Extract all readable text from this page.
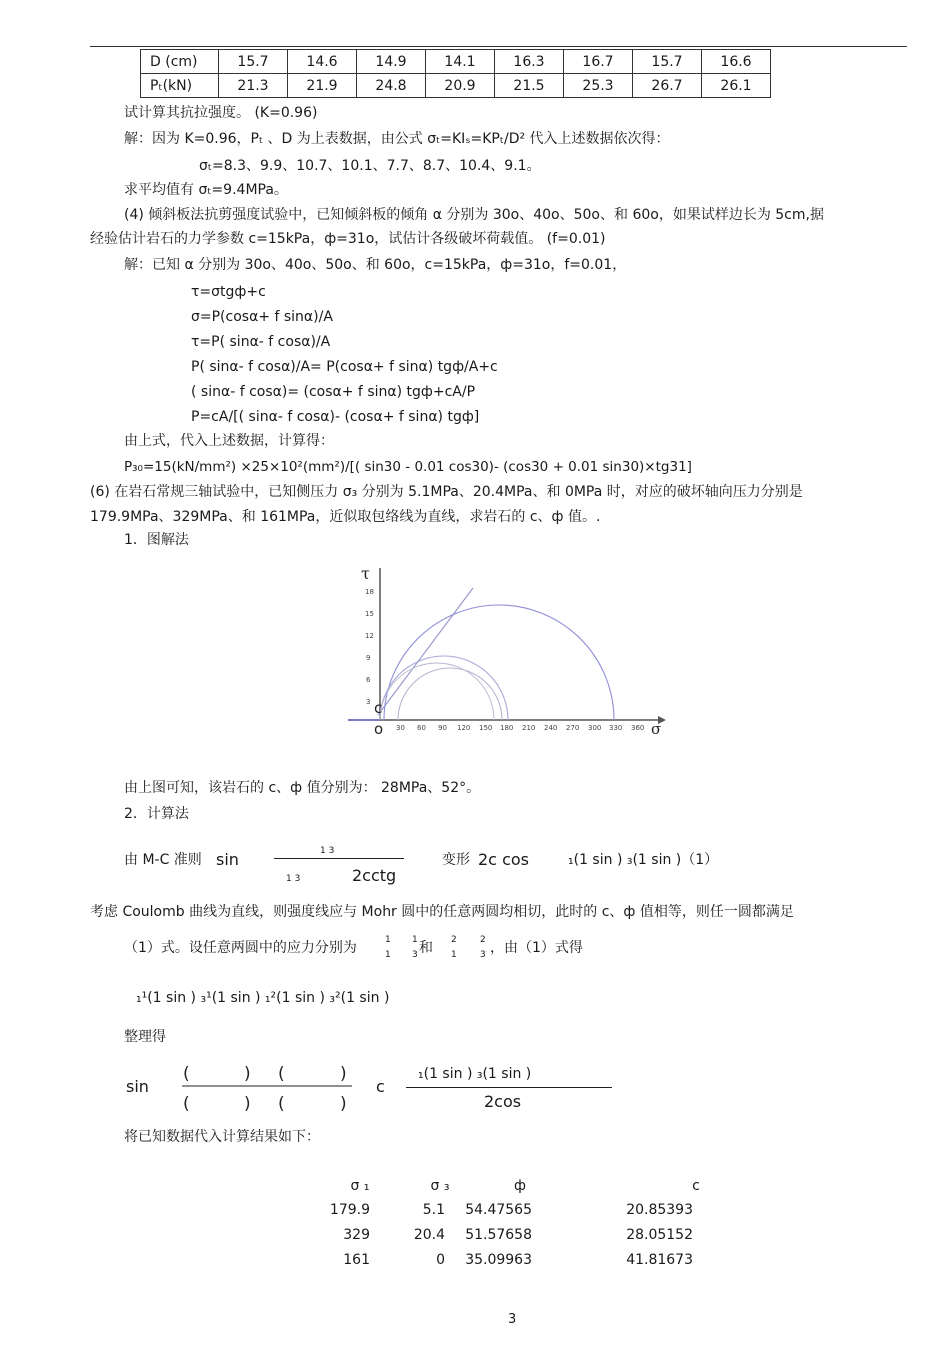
D (cm)	15.7	14.6	14.9	14.1	16.3	16.7	15.7	16.6
Pₜ(kN)	21.3	21.9	24.8	20.9	21.5	25.3	26.7	26.1
试计算其抗拉强度。 (K=0.96)
解：因为 K=0.96，Pₜ 、D 为上表数据，由公式 σₜ=KIₛ=KPₜ/D² 代入上述数据依次得：
σₜ=8.3、9.9、10.7、10.1、7.7、8.7、10.4、9.1。
求平均值有 σₜ=9.4MPa。
(4) 倾斜板法抗剪强度试验中，已知倾斜板的倾角 α 分别为 30o、40o、50o、和 60o，如果试样边长为 5cm,据
经验估计岩石的力学参数 c=15kPa，ф=31o，试估计各级破坏荷载值。 (f=0.01)
解：已知 α 分别为 30o、40o、50o、和 60o，c=15kPa，ф=31o，f=0.01，
τ=σtgф+c
σ=P(cosα+ f sinα)/A
τ=P( sinα- f cosα)/A
P( sinα- f cosα)/A= P(cosα+ f sinα) tgф/A+c
( sinα- f cosα)= (cosα+ f sinα) tgф+cA/P
P=cA/[( sinα- f cosα)- (cosα+ f sinα) tgф]
由上式，代入上述数据，计算得：
P₃₀=15(kN/mm²) ×25×10²(mm²)/[( sin30 - 0.01 cos30)- (cos30 + 0.01 sin30)×tg31]
(6) 在岩石常规三轴试验中，已知侧压力 σ₃ 分别为 5.1MPa、20.4MPa、和 0MPa 时，对应的破坏轴向压力分别是
179.9MPa、329MPa、和 161MPa，近似取包络线为直线，求岩石的 c、ф 值。.
1．图解法
τ
σ
c
o
18
15
12
9
6
3
30 60 90 120 150 180 210 240 270 300 330 360
由上图可知，该岩石的 c、ф 值分别为： 28MPa、52°。
2．计算法
由 M-C 准则 sin	1 3
1 3	2cctg
变形 2c cos	₁(1 sin ) ₃(1 sin )（1）
考虑 Coulomb 曲线为直线，则强度线应与 Mohr 圆中的任意两圆均相切，此时的 c、ф 值相等，则任一圆都满足
（1）式。设任意两圆中的应力分别为	1
1
1
3 和 2
1
2
3 ，由（1）式得
₁¹(1 sin ) ₃¹(1 sin ) ₁²(1 sin ) ₃²(1 sin )
整理得
sin
(	) (	)
(	) (	)
c
₁(1 sin ) ₃(1 sin )
2cos
将已知数据代入计算结果如下：
σ ₁	σ ₃	ф	c
179.9	5.1	54.47565	20.85393
329	20.4	51.57658	28.05152
161	0	35.09963	41.81673
3
